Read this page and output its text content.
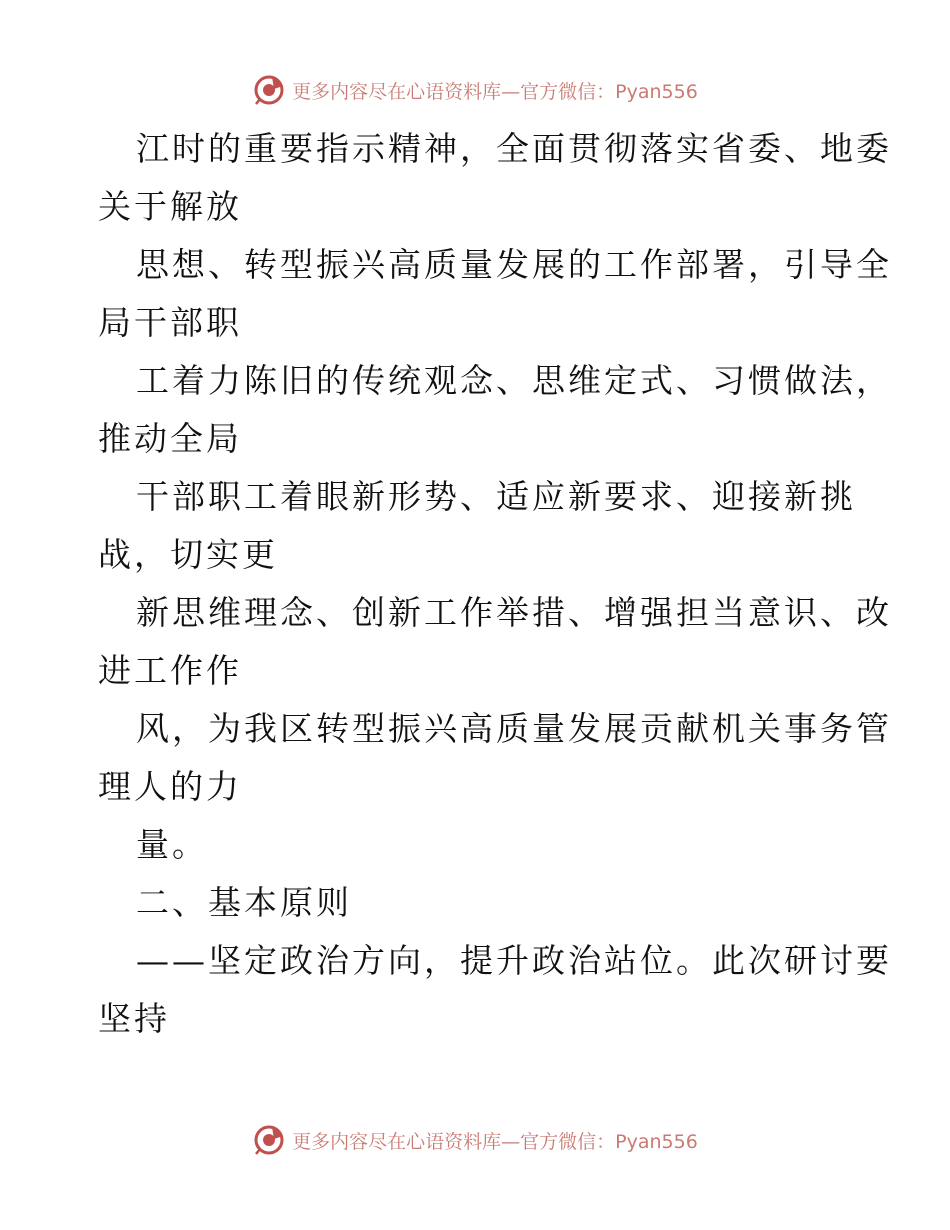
更多内容尽在心语资料库—官方微信：Pyan556
江时的重要指示精神，全面贯彻落实省委、地委
关于解放
思想、转型振兴高质量发展的工作部署，引导全
局干部职
工着力陈旧的传统观念、思维定式、习惯做法，
推动全局
干部职工着眼新形势、适应新要求、迎接新挑
战，切实更
新思维理念、创新工作举措、增强担当意识、改
进工作作
风，为我区转型振兴高质量发展贡献机关事务管
理人的力
量。
二、基本原则
——坚定政治方向，提升政治站位。此次研讨要
坚持
更多内容尽在心语资料库—官方微信：Pyan556
